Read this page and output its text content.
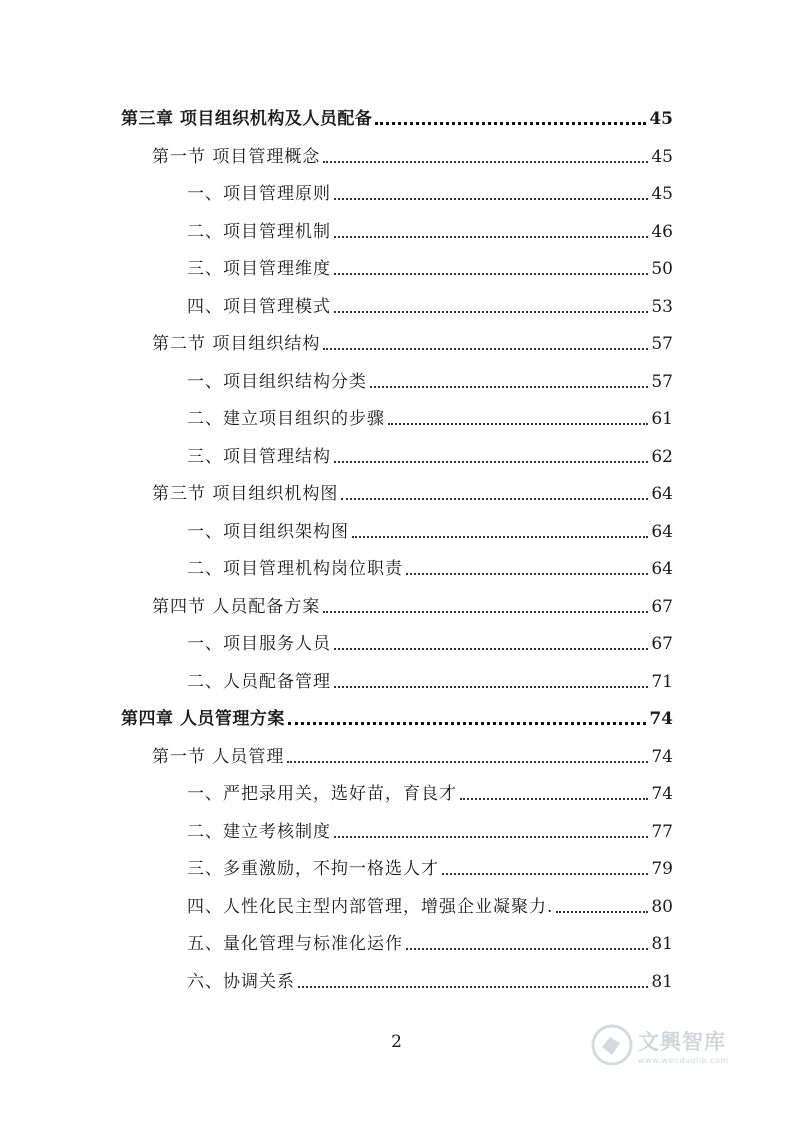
第三章 项目组织机构及人员配备	45
第一节 项目管理概念	45
一、项目管理原则	45
二、项目管理机制	46
三、项目管理维度	50
四、项目管理模式	53
第二节 项目组织结构	57
一、项目组织结构分类	57
二、建立项目组织的步骤	61
三、项目管理结构	62
第三节 项目组织机构图	64
一、项目组织架构图	64
二、项目管理机构岗位职责	64
第四节 人员配备方案	67
一、项目服务人员	67
二、人员配备管理	71
第四章 人员管理方案	74
第一节 人员管理	74
一、严把录用关，选好苗，育良才	74
二、建立考核制度	77
三、多重激励，不拘一格选人才	79
四、人性化民主型内部管理，增强企业凝聚力.	80
五、量化管理与标准化运作	81
六、协调关系	81
2	文興智库
www.wenduolib.com
